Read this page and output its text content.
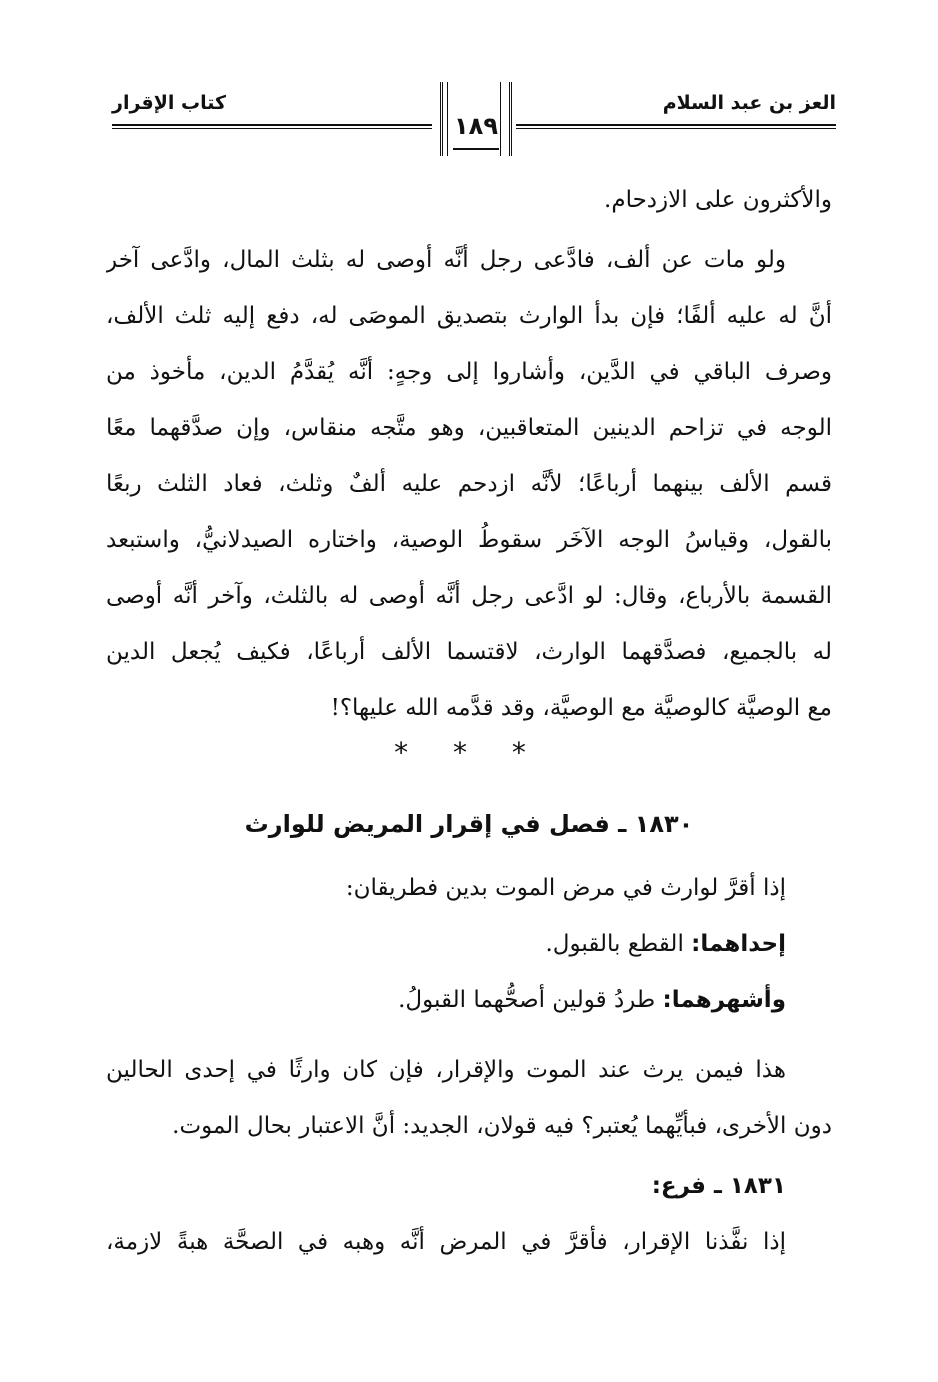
العز بن عبد السلام
كتاب الإقرار
١٨٩
والأكثرون على الازدحام.
ولو مات عن ألف، فادَّعى رجل أنَّه أوصى له بثلث المال، وادَّعى آخر
أنَّ له عليه ألفًا؛ فإن بدأ الوارث بتصديق الموصَى له، دفع إليه ثلث الألف،
وصرف الباقي في الدَّين، وأشاروا إلى وجهٍ: أنَّه يُقدَّمُ الدين، مأخوذ من
الوجه في تزاحم الدينين المتعاقبين، وهو متَّجه منقاس، وإن صدَّقهما معًا
قسم الألف بينهما أرباعًا؛ لأنَّه ازدحم عليه ألفٌ وثلث، فعاد الثلث ربعًا
بالقول، وقياسُ الوجه الآخَر سقوطُ الوصية، واختاره الصيدلانيُّ، واستبعد
القسمة بالأرباع، وقال: لو ادَّعى رجل أنَّه أوصى له بالثلث، وآخر أنَّه أوصى
له بالجميع، فصدَّقهما الوارث، لاقتسما الألف أرباعًا، فكيف يُجعل الدين
مع الوصيَّة كالوصيَّة مع الوصيَّة، وقد قدَّمه الله عليها؟!
* * *
١٨٣٠ ـ فصل في إقرار المريض للوارث
إذا أقرَّ لوارث في مرض الموت بدين فطريقان:
إحداهما: القطع بالقبول.
وأشهرهما: طردُ قولين أصحُّهما القبولُ.
هذا فيمن يرث عند الموت والإقرار، فإن كان وارثًا في إحدى الحالين
دون الأخرى، فبأيِّهما يُعتبر؟ فيه قولان، الجديد: أنَّ الاعتبار بحال الموت.
١٨٣١ ـ فرع:
إذا نفَّذنا الإقرار، فأقرَّ في المرض أنَّه وهبه في الصحَّة هبةً لازمة،
